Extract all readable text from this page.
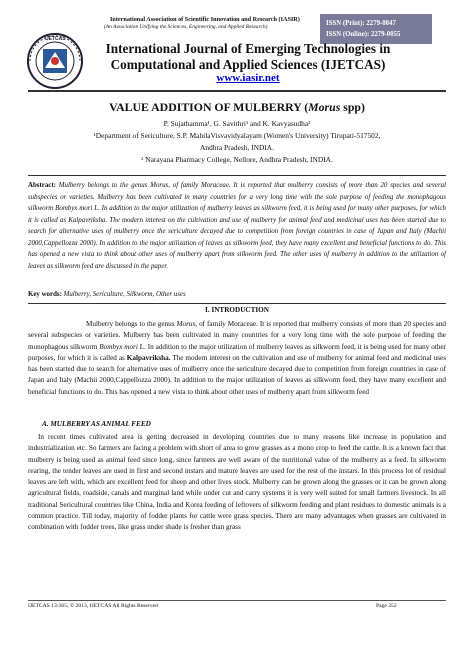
International Association of Scientific Innovation and Research (IASIR)
(An Association Unifying the Sciences, Engineering, and Applied Research)	ISSN (Print): 2279-0047
ISSN (Online): 2279-0055
IJETCAS
International Journal of Emerging Technologies in Computational and Applied Sciences (IJETCAS)
www.iasir.net
VALUE ADDITION OF MULBERRY (Morus spp)
P. Sujathamma¹, G. Savithri¹ and K. Kavyasudha²
¹Department of Sericulture, S.P. MahilaVisvavidyalayam (Women's University) Tirupati-517502,
Andhra Pradesh, INDIA.
² Narayana Pharmacy College, Nellore, Andhra Pradesh, INDIA.
Abstract: Mulberry belongs to the genus Morus, of family Moraceae. It is reported that mulberry consists of more than 20 species and several subspecies or varieties. Mulberry has been cultivated in many countries for a very long time with the sole purpose of feeding the monophagous silkworm Bombyx mori L. In addition to the major utilization of mulberry leaves as silkworm feed, it is being used for many other purposes, for which it is called as Kalpavriksha. The modern interest on the cultivation and use of mulberry for animal feed and medicinal uses has been started due to search for alternative uses of mulberry once the sericulture decayed due to competition from foreign countries in case of Japan and Italy (Machii 2000,Cappellozza 2000). In addition to the major utilization of leaves as silkworm feed, they have many excellent and beneficial functions to do. This has opened a new vista to think about other uses of mulberry apart from silkworm feed. The other uses of mulberry in addition to the utilization of leaves as silkworm feed are discussed in the paper.
Key words: Mulberry, Sericulture, Silkworm, Other uses
I. INTRODUCTION
Mulberry belongs to the genus Morus, of family Moraceae. It is reported that mulberry consists of more than 20 species and several subspecies or varieties. Mulberry has been cultivated in many countries for a very long time with the sole purpose of feeding the monophagous silkworm Bombyx mori L. In addition to the major utilization of mulberry leaves as silkworm feed, it is being used for many other purposes, for which it is called as Kalpavriksha. The modern interest on the cultivation and use of mulberry for animal feed and medicinal uses has been started due to search for alternative uses of mulberry once the sericulture decayed due to competition from foreign countries in case of Japan and Italy (Machii 2000,Cappellozza 2000). In addition to the major utilization of leaves as silkworm feed, they have many excellent and beneficial functions to do. This has opened a new vista to think about other uses of mulberry apart from silkworm feed
A. MULBERRY AS ANIMAL FEED
In recent times cultivated area is getting decreased in developing countries due to many reasons like increase in population and industrialization etc. So farmers are facing a problem with short of area to grow grasses as a mono crop to feed the cattle. It is a known fact that mulberry is being used as animal feed since long, since farmers are well aware of the nutritional value of the mulberry as a feed. In silkworm rearing, the tender leaves are used in first and second instars and mature leaves are used for the rest of the instars. In this process lot of residual leaves are left with, which are excellent feed for sheep and other lives stock. Mulberry can be grown along the grasses or it can be grown along agricultural fields, roadside, canals and marginal land while under cut and carry systems it is very well suited for small farmers livestock. In all traditional Sericultural countries like China, India and Korea feeding of leftovers of silkworm feeding and plant residues to domestic animals is a common practice. Till today, majority of fodder plants for cattle were grass species. There are many advantages when grasses are cultivated in combination with fodder trees, like grass under shade is fresher than grass
IJETCAS 13-365; © 2013, IJETCAS All Rights Reserved	Page 352
